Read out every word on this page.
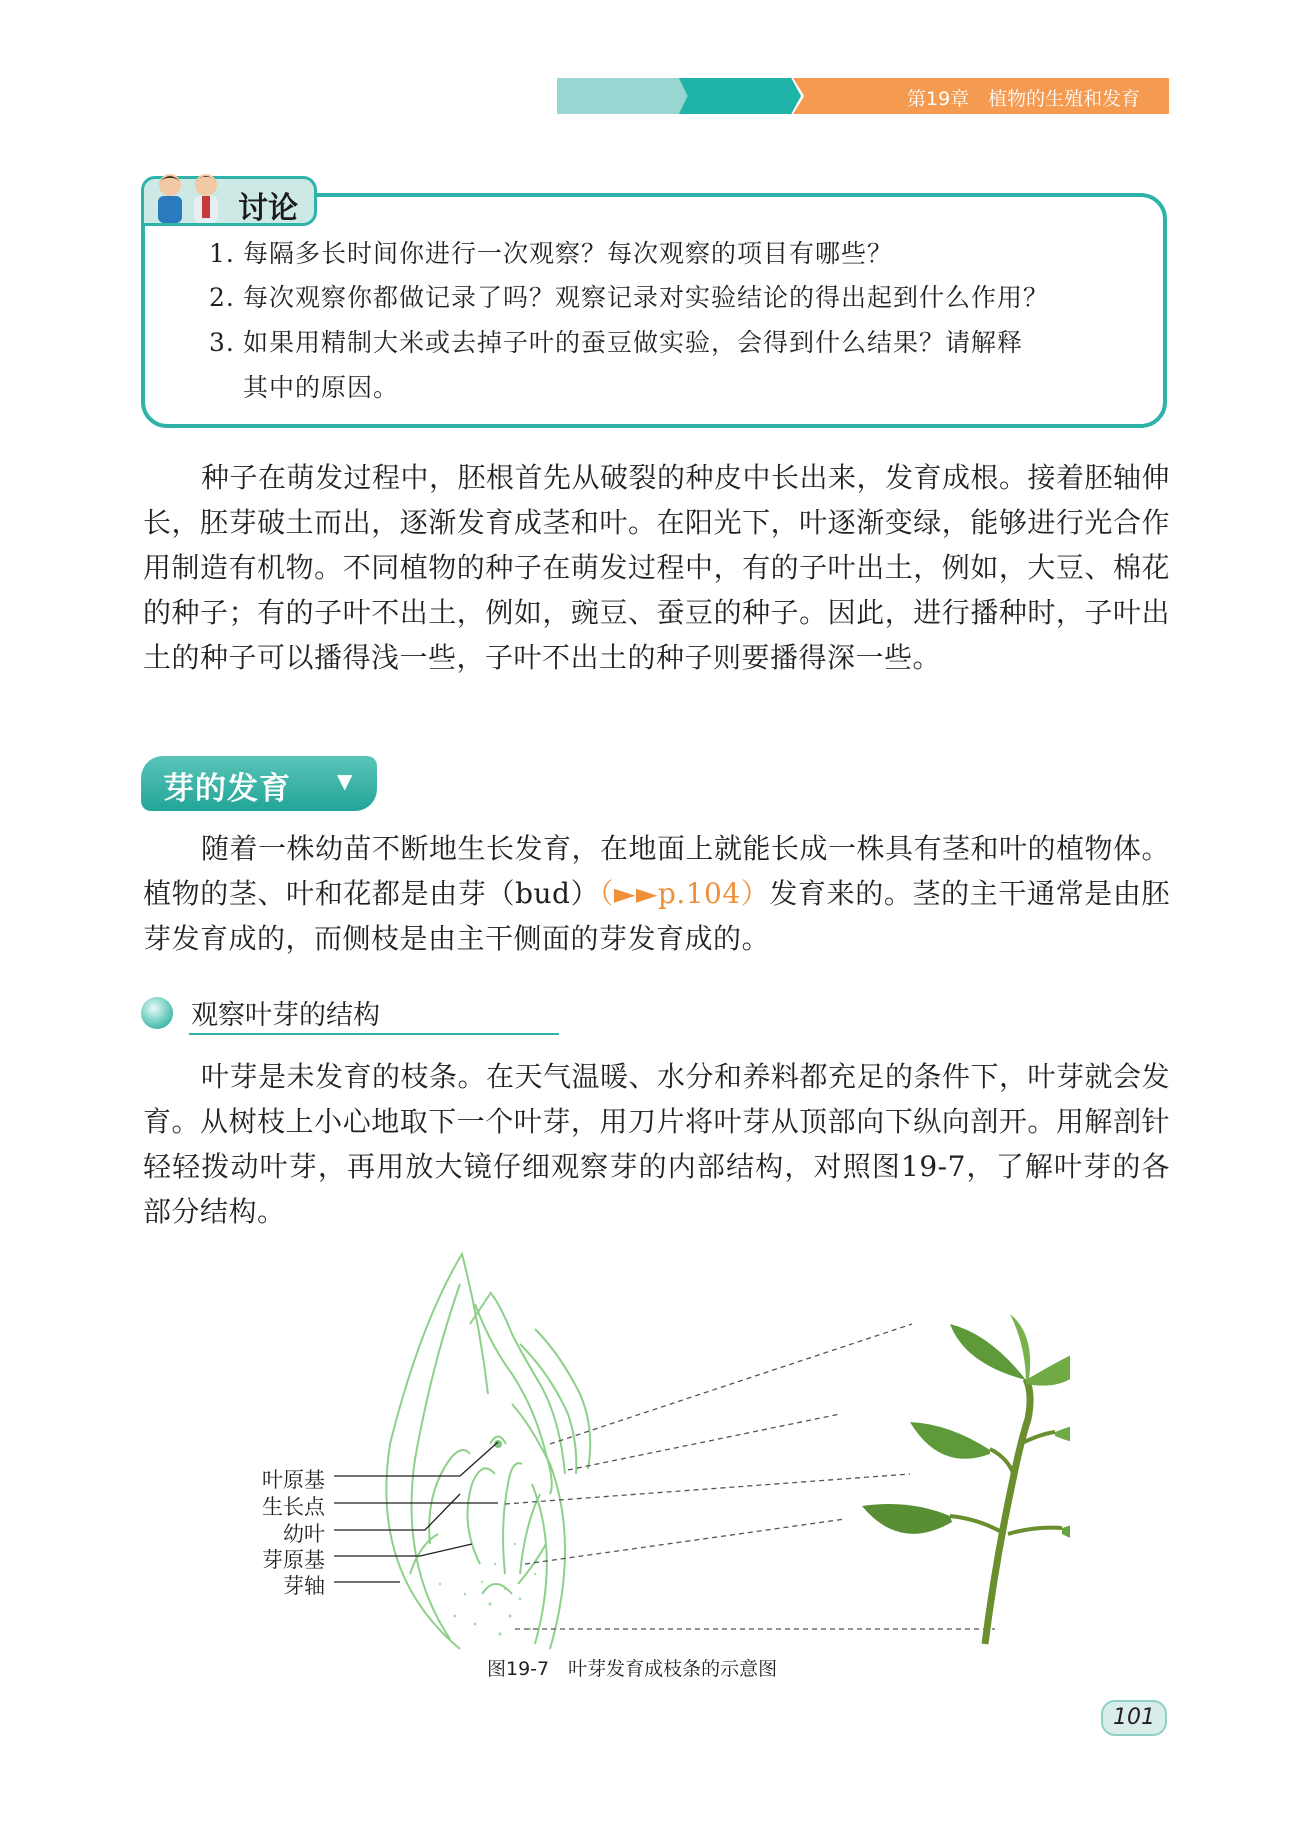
第19章　植物的生殖和发育
讨论
1. 每隔多长时间你进行一次观察？每次观察的项目有哪些？
2. 每次观察你都做记录了吗？观察记录对实验结论的得出起到什么作用？
3. 如果用精制大米或去掉子叶的蚕豆做实验，会得到什么结果？请解释
其中的原因。
种子在萌发过程中，胚根首先从破裂的种皮中长出来，发育成根。接着胚轴伸长，胚芽破土而出，逐渐发育成茎和叶。在阳光下，叶逐渐变绿，能够进行光合作用制造有机物。不同植物的种子在萌发过程中，有的子叶出土，例如，大豆、棉花的种子；有的子叶不出土，例如，豌豆、蚕豆的种子。因此，进行播种时，子叶出土的种子可以播得浅一些，子叶不出土的种子则要播得深一些。
芽的发育 ▼
随着一株幼苗不断地生长发育，在地面上就能长成一株具有茎和叶的植物体。植物的茎、叶和花都是由芽（bud）（►►p.104）发育来的。茎的主干通常是由胚芽发育成的，而侧枝是由主干侧面的芽发育成的。
观察叶芽的结构
叶芽是未发育的枝条。在天气温暖、水分和养料都充足的条件下，叶芽就会发育。从树枝上小心地取下一个叶芽，用刀片将叶芽从顶部向下纵向剖开。用解剖针轻轻拨动叶芽，再用放大镜仔细观察芽的内部结构，对照图19-7，了解叶芽的各部分结构。
叶原基
生长点
幼叶
芽原基
芽轴
图19-7　叶芽发育成枝条的示意图
101
